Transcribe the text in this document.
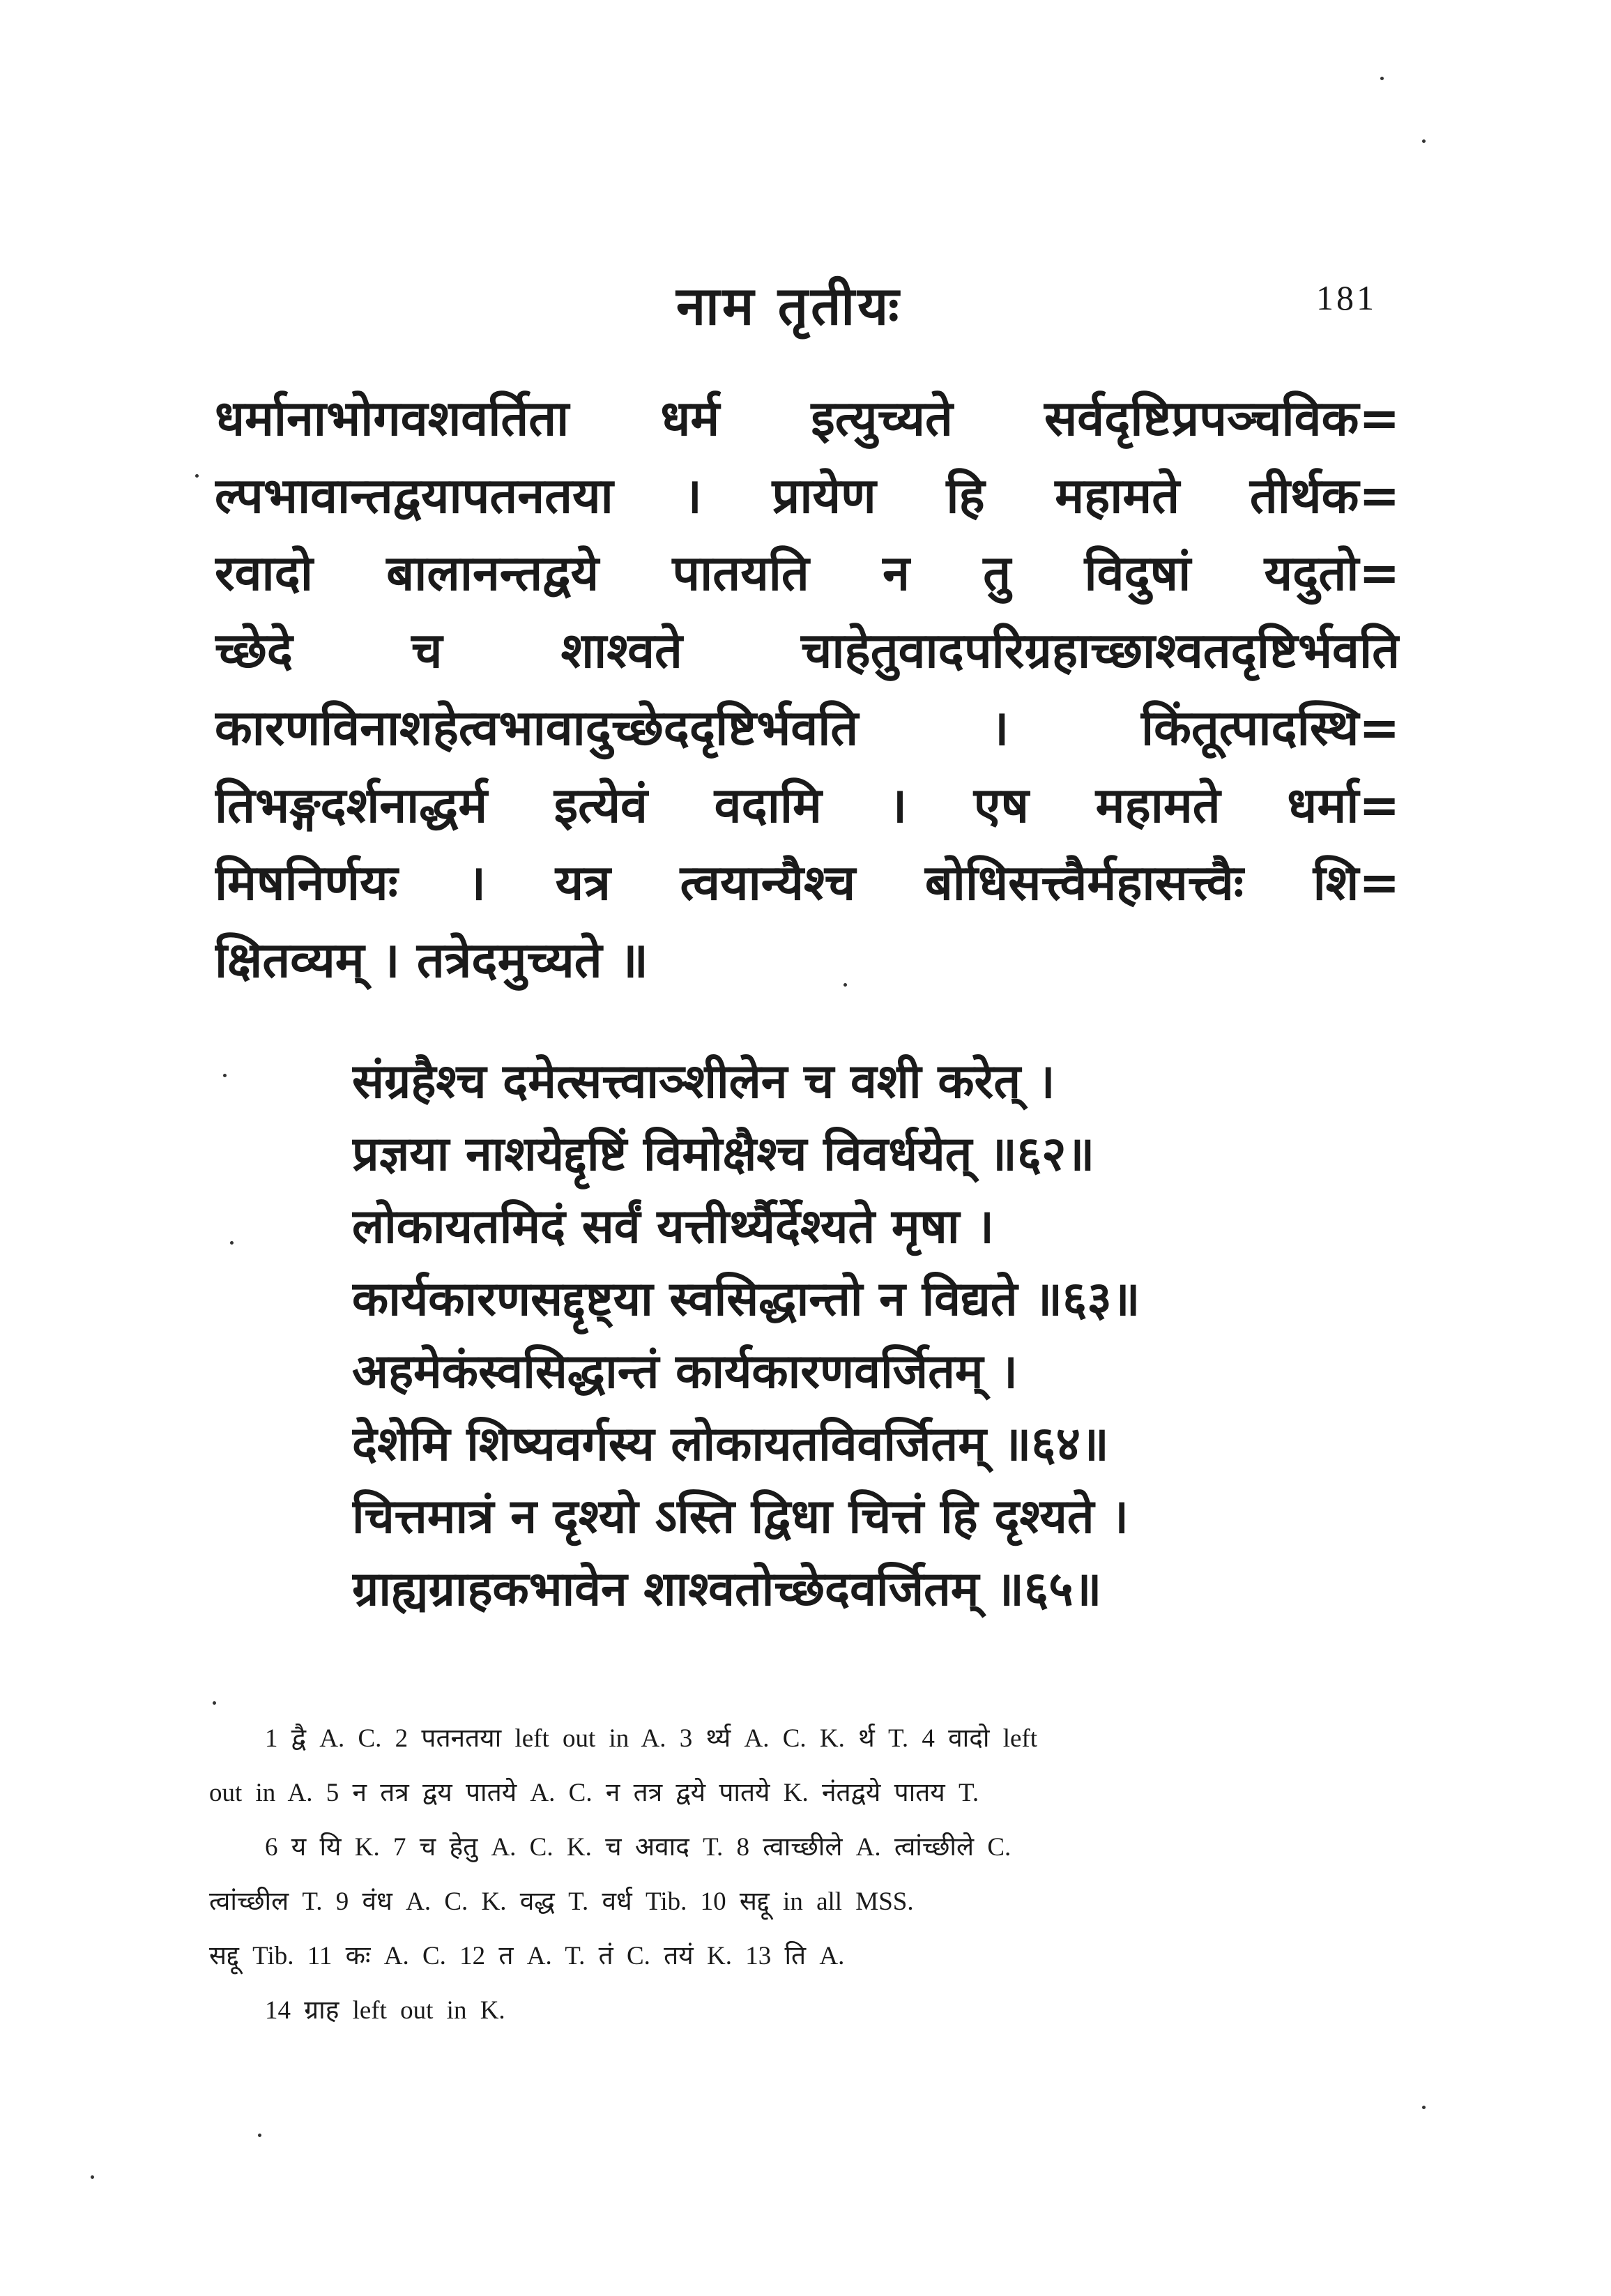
नाम तृतीयः	181
धर्मानाभोगवशवर्तिता धर्म इत्युच्यते सर्वदृष्टिप्रपञ्चविक=
ल्पभावान्तद्वयापतनतया । प्रायेण हि महामते तीर्थक=
रवादो बालानन्तद्वये पातयति न तु विदुषां यदुतो=
च्छेदे च शाश्वते चाहेतुवादपरिग्रहाच्छाश्वतदृष्टिर्भवति
कारणविनाशहेत्वभावादुच्छेददृष्टिर्भवति । किंतूत्पादस्थि=
तिभङ्गदर्शनाद्धर्म इत्येवं वदामि । एष महामते धर्मा=
मिषनिर्णयः । यत्र त्वयान्यैश्च बोधिसत्त्वैर्महासत्त्वैः शि=
क्षितव्यम् । तत्रेदमुच्यते ॥
संग्रहैश्च दमेत्सत्त्वाञ्शीलेन च वशी करेत् ।
प्रज्ञया नाशयेद्दृष्टिं विमोक्षैश्च विवर्धयेत् ॥६२॥
लोकायतमिदं सर्वं यत्तीर्थ्यैर्देश्यते मृषा ।
कार्यकारणसद्दृष्ट्या स्वसिद्धान्तो न विद्यते ॥६३॥
अहमेकंस्वसिद्धान्तं कार्यकारणवर्जितम् ।
देशेमि शिष्यवर्गस्य लोकायतविवर्जितम् ॥६४॥
चित्तमात्रं न दृश्यो ऽस्ति द्विधा चित्तं हि दृश्यते ।
ग्राह्यग्राहकभावेन शाश्वतोच्छेदवर्जितम् ॥६५॥
1 द्वै A. C. 2 पतनतया left out in A. 3 र्थ्य A. C. K. र्थ T. 4 वादो left
out in A. 5 न तत्र द्वय पातये A. C. न तत्र द्वये पातये K. नंतद्वये पातय T.
6 य यि K. 7 च हेतु A. C. K. च अवाद T. 8 त्वाच्छीले A. त्वांच्छीले C.
त्वांच्छील T. 9 वंध A. C. K. वद्ध T. वर्ध Tib. 10 सद्दू in all MSS.
सद्दू Tib. 11 कः A. C. 12 त A. T. तं C. तयं K. 13 ति A.
14 ग्राह left out in K.
